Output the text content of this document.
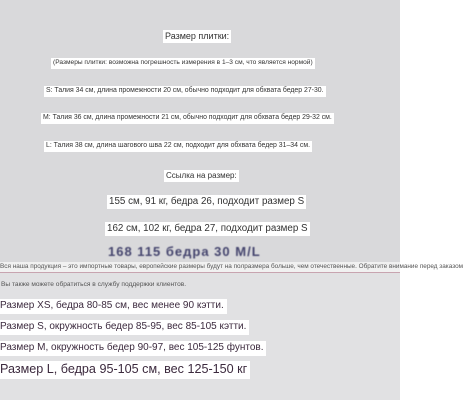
Размер плитки:
(Размеры плитки: возможна погрешность измерения в 1–3 см, что является нормой)
S: Талия 34 см, длина промежности 20 см, обычно подходит для обхвата бедер 27-30.
M: Талия 36 см, длина промежности 21 см, обычно подходит для обхвата бедер 29-32 см.
L: Талия 38 см, длина шагового шва 22 см, подходит для обхвата бедер 31–34 см.
Ссылка на размер:
155 см, 91 кг, бедра 26, подходит размер S
162 см, 102 кг, бедра 27, подходит размер S
168 115 бедра 30 M/L
Вся наша продукция – это импортные товары, европейские размеры будут на полразмера больше, чем отечественные. Обратите внимание перед заказом
Вы также можете обратиться в службу поддержки клиентов.
Размер XS, бедра 80-85 см, вес менее 90 кэтти.
Размер S, окружность бедер 85-95, вес 85-105 кэтти.
Размер M, окружность бедер 90-97, вес 105-125 фунтов.
Размер L, бедра 95-105 см, вес 125-150 кг
